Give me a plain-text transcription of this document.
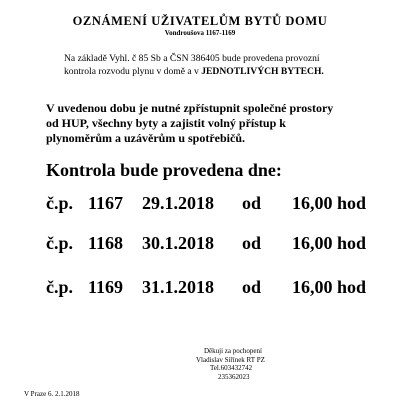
OZNÁMENÍ UŽIVATELŮM BYTŮ DOMU
Vondroušova 1167-1169
Na základě Vyhl. č 85 Sb a ČSN 386405 bude provedena provozní kontrola rozvodu plynu v domě a v JEDNOTLIVÝCH BYTECH.
V uvedenou dobu je nutné zpřístupnit společné prostory od HUP, všechny byty a zajistit volný přístup k plynoměrům a uzávěrům u spotřebičů.
Kontrola bude provedena dne:
č.p. 1167 29.1.2018 od 16,00 hod
č.p. 1168 30.1.2018 od 16,00 hod
č.p. 1169 31.1.2018 od 16,00 hod
Děkuji za pochopení
Vladislav Siřínek RT PZ
Tel.603432742
235362023
V Praze 6. 2.1.2018
